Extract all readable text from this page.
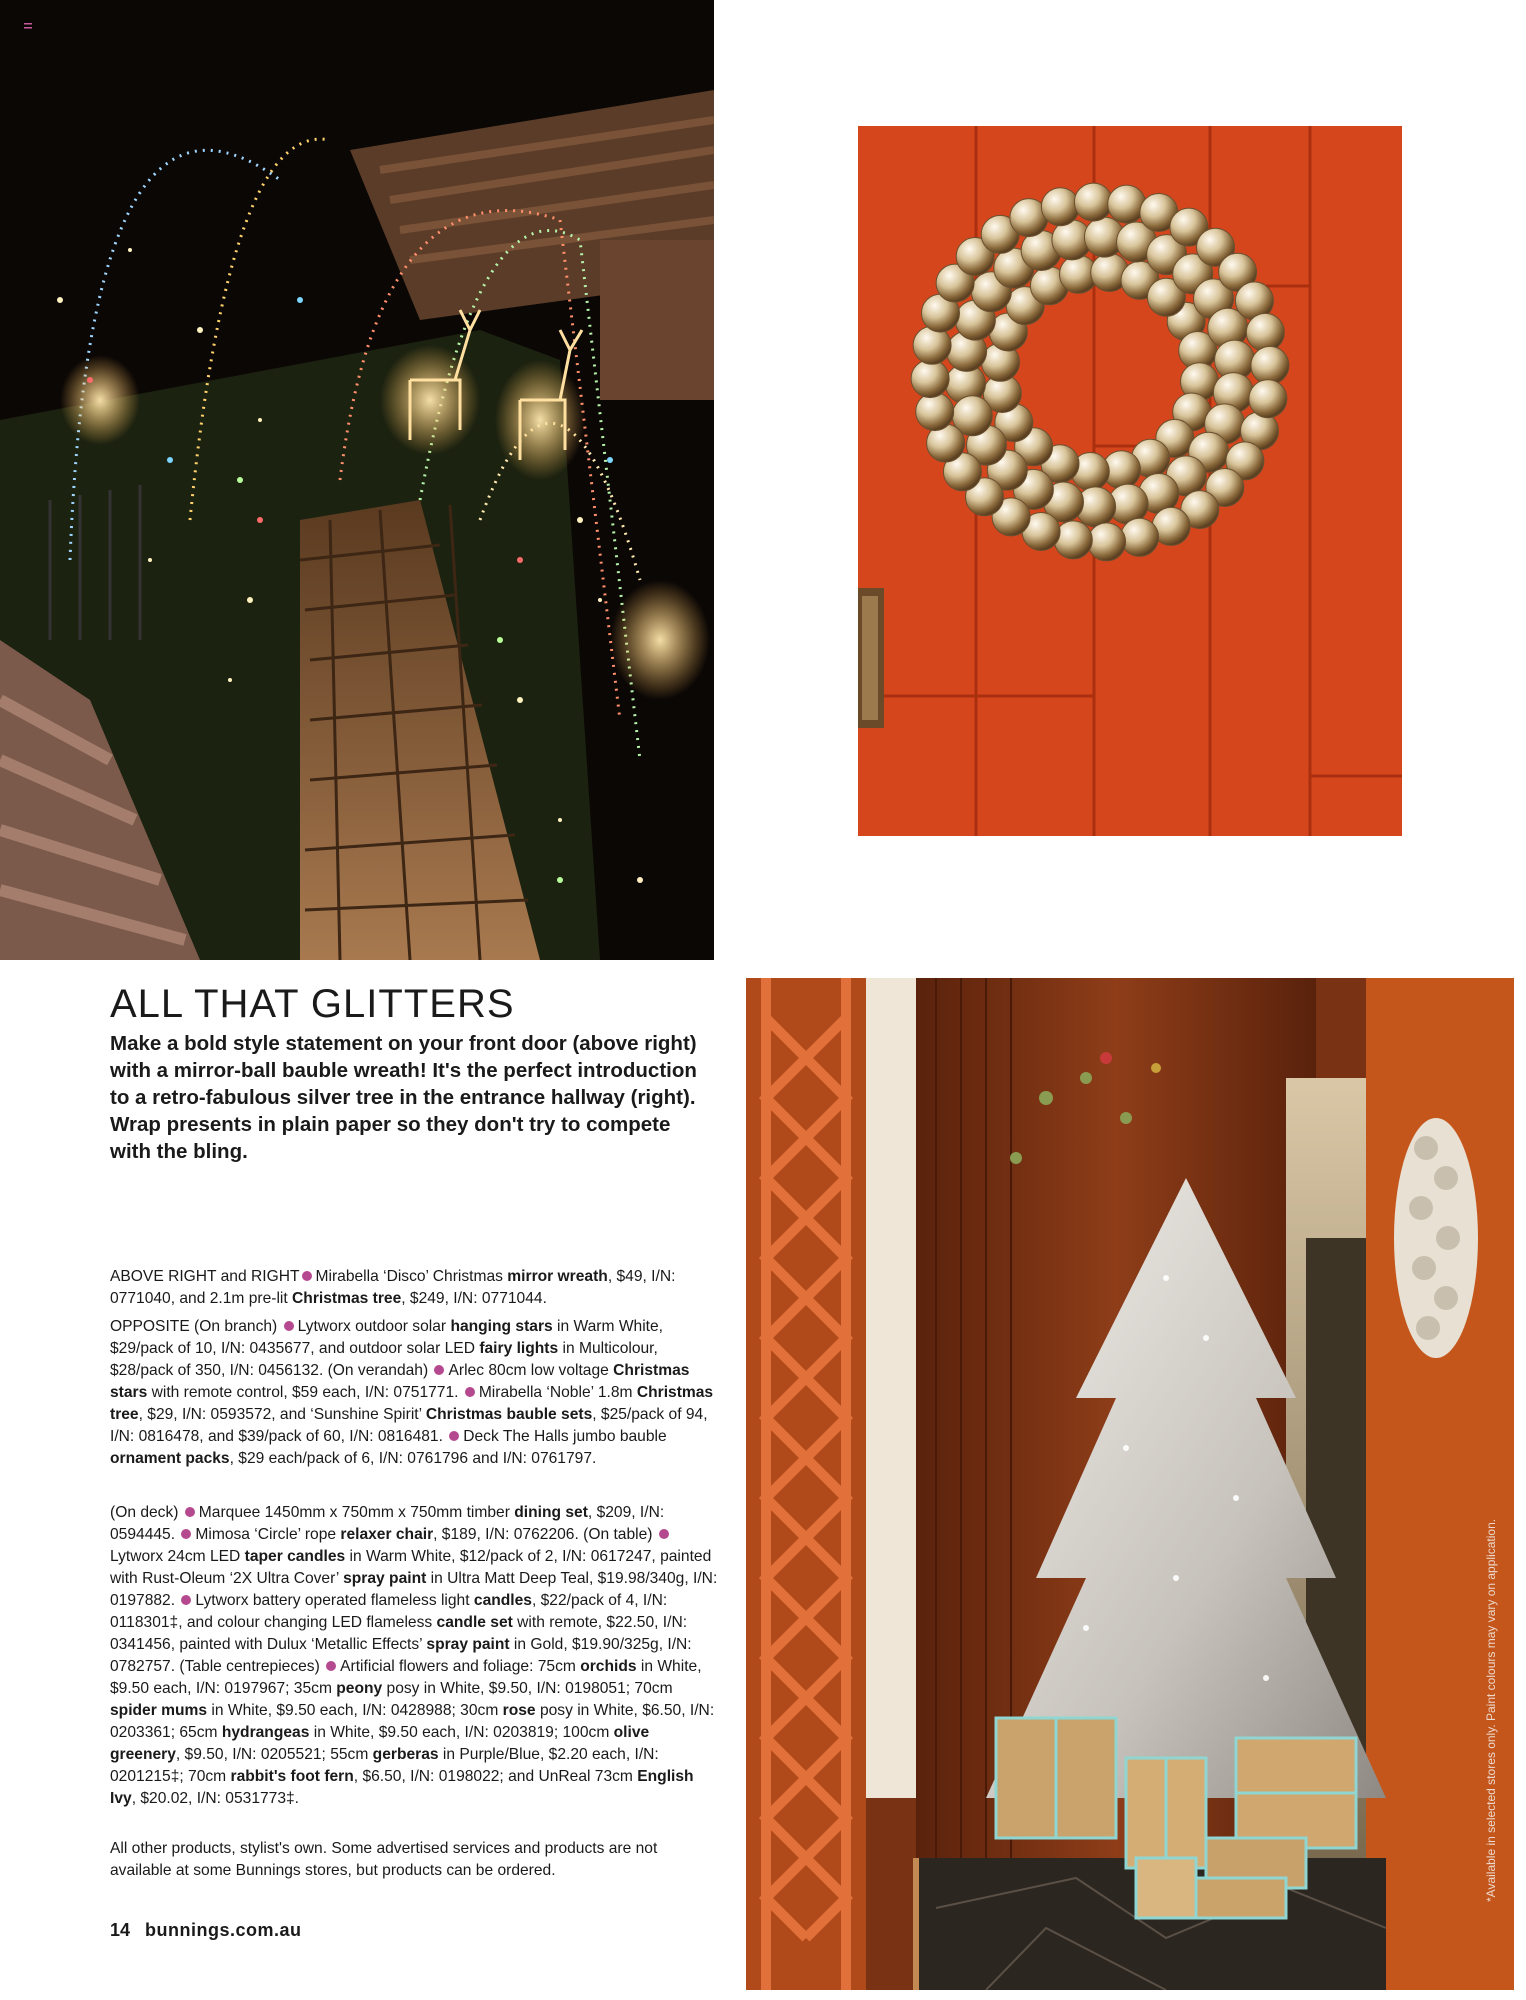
ALL THAT GLITTERS

Make a bold style statement on your front door (above right) with a mirror-ball bauble wreath! It's the perfect introduction to a retro-fabulous silver tree in the entrance hallway (right). Wrap presents in plain paper so they don't try to compete with the bling.

ABOVE RIGHT and RIGHT Mirabella ‘Disco’ Christmas mirror wreath, $49, I/N: 0771040, and 2.1m pre-lit Christmas tree, $249, I/N: 0771044.

OPPOSITE (On branch) Lytworx outdoor solar hanging stars in Warm White, $29/pack of 10, I/N: 0435677, and outdoor solar LED fairy lights in Multicolour, $28/pack of 350, I/N: 0456132. (On verandah) Arlec 80cm low voltage Christmas stars with remote control, $59 each, I/N: 0751771. Mirabella ‘Noble’ 1.8m Christmas tree, $29, I/N: 0593572, and ‘Sunshine Spirit’ Christmas bauble sets, $25/pack of 94, I/N: 0816478, and $39/pack of 60, I/N: 0816481. Deck The Halls jumbo bauble ornament packs, $29 each/pack of 6, I/N: 0761796 and I/N: 0761797.

(On deck) Marquee 1450mm x 750mm x 750mm timber dining set, $209, I/N: 0594445. Mimosa ‘Circle’ rope relaxer chair, $189, I/N: 0762206. (On table) Lytworx 24cm LED taper candles in Warm White, $12/pack of 2, I/N: 0617247, painted with Rust-Oleum ‘2X Ultra Cover’ spray paint in Ultra Matt Deep Teal, $19.98/340g, I/N: 0197882. Lytworx battery operated flameless light candles, $22/pack of 4, I/N: 0118301‡, and colour changing LED flameless candle set with remote, $22.50, I/N: 0341456, painted with Dulux ‘Metallic Effects’ spray paint in Gold, $19.90/325g, I/N: 0782757. (Table centrepieces) Artificial flowers and foliage: 75cm orchids in White, $9.50 each, I/N: 0197967; 35cm peony posy in White, $9.50, I/N: 0198051; 70cm spider mums in White, $9.50 each, I/N: 0428988; 30cm rose posy in White, $6.50, I/N: 0203361; 65cm hydrangeas in White, $9.50 each, I/N: 0203819; 100cm olive greenery, $9.50, I/N: 0205521; 55cm gerberas in Purple/Blue, $2.20 each, I/N: 0201215‡; 70cm rabbit's foot fern, $6.50, I/N: 0198022; and UnReal 73cm English Ivy, $20.02, I/N: 0531773‡.

All other products, stylist's own. Some advertised services and products are not available at some Bunnings stores, but products can be ordered.	*Available in selected stores only. Paint colours may vary on application.
14 bunnings.com.au
